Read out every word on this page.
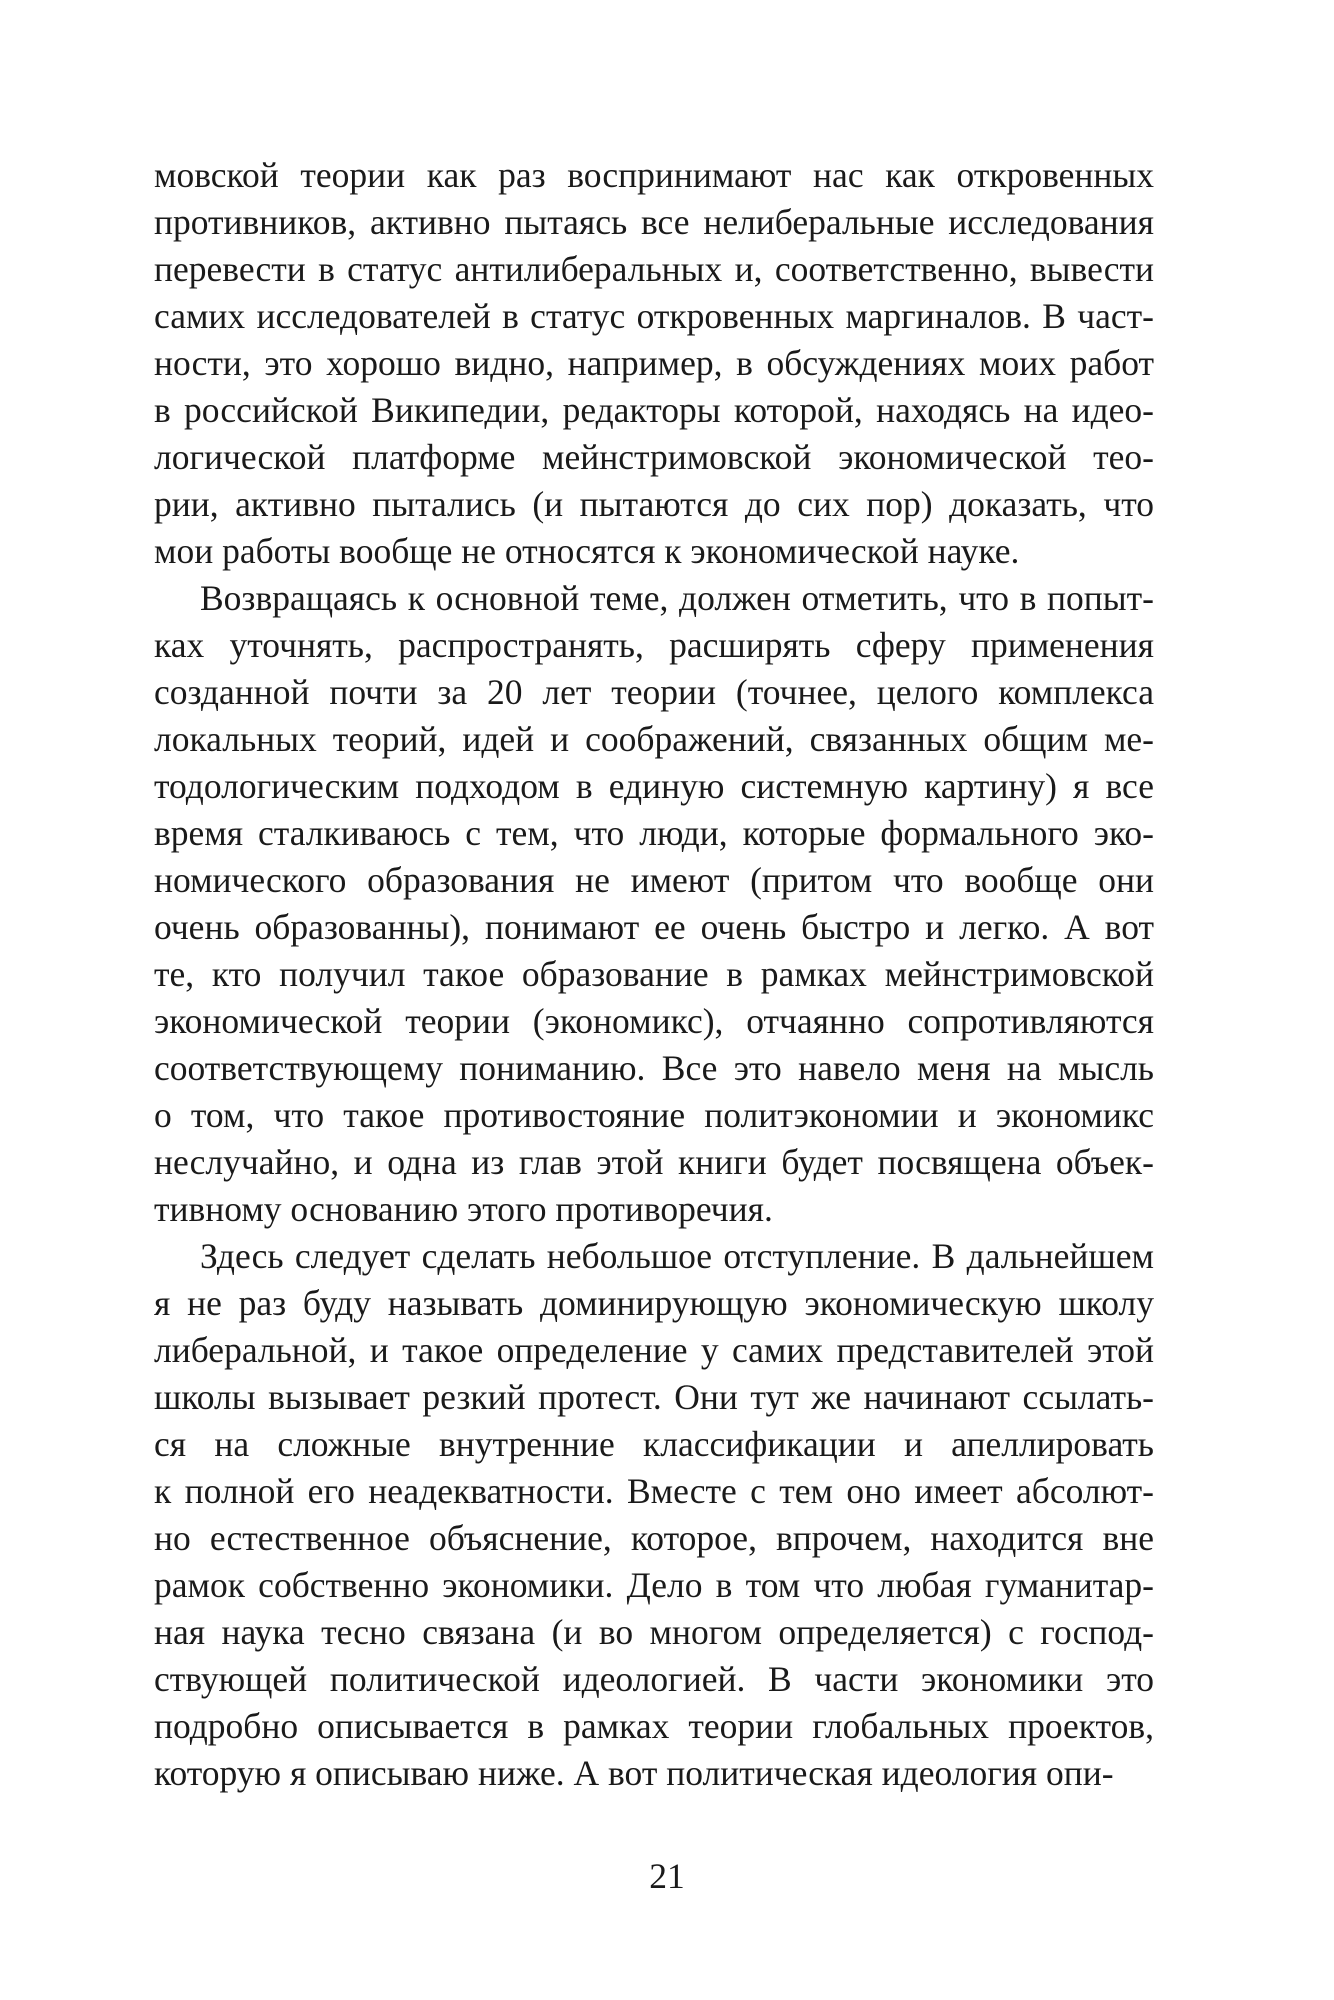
мовской теории как раз воспринимают нас как откровенных
противников, активно пытаясь все нелиберальные исследования
перевести в статус антилиберальных и, соответственно, вывести
самих исследователей в статус откровенных маргиналов. В част-
ности, это хорошо видно, например, в обсуждениях моих работ
в российской Википедии, редакторы которой, находясь на идео-
логической платформе мейнстримовской экономической тео-
рии, активно пытались (и пытаются до сих пор) доказать, что
мои работы вообще не относятся к экономической науке.
Возвращаясь к основной теме, должен отметить, что в попыт-
ках уточнять, распространять, расширять сферу применения
созданной почти за 20 лет теории (точнее, целого комплекса
локальных теорий, идей и соображений, связанных общим ме-
тодологическим подходом в единую системную картину) я все
время сталкиваюсь с тем, что люди, которые формального эко-
номического образования не имеют (притом что вообще они
очень образованны), понимают ее очень быстро и легко. А вот
те, кто получил такое образование в рамках мейнстримовской
экономической теории (экономикс), отчаянно сопротивляются
соответствующему пониманию. Все это навело меня на мысль
о том, что такое противостояние политэкономии и экономикс
неслучайно, и одна из глав этой книги будет посвящена объек-
тивному основанию этого противоречия.
Здесь следует сделать небольшое отступление. В дальнейшем
я не раз буду называть доминирующую экономическую школу
либеральной, и такое определение у самих представителей этой
школы вызывает резкий протест. Они тут же начинают ссылать-
ся на сложные внутренние классификации и апеллировать
к полной его неадекватности. Вместе с тем оно имеет абсолют-
но естественное объяснение, которое, впрочем, находится вне
рамок собственно экономики. Дело в том что любая гуманитар-
ная наука тесно связана (и во многом определяется) с господ-
ствующей политической идеологией. В части экономики это
подробно описывается в рамках теории глобальных проектов,
которую я описываю ниже. А вот политическая идеология опи-
21
